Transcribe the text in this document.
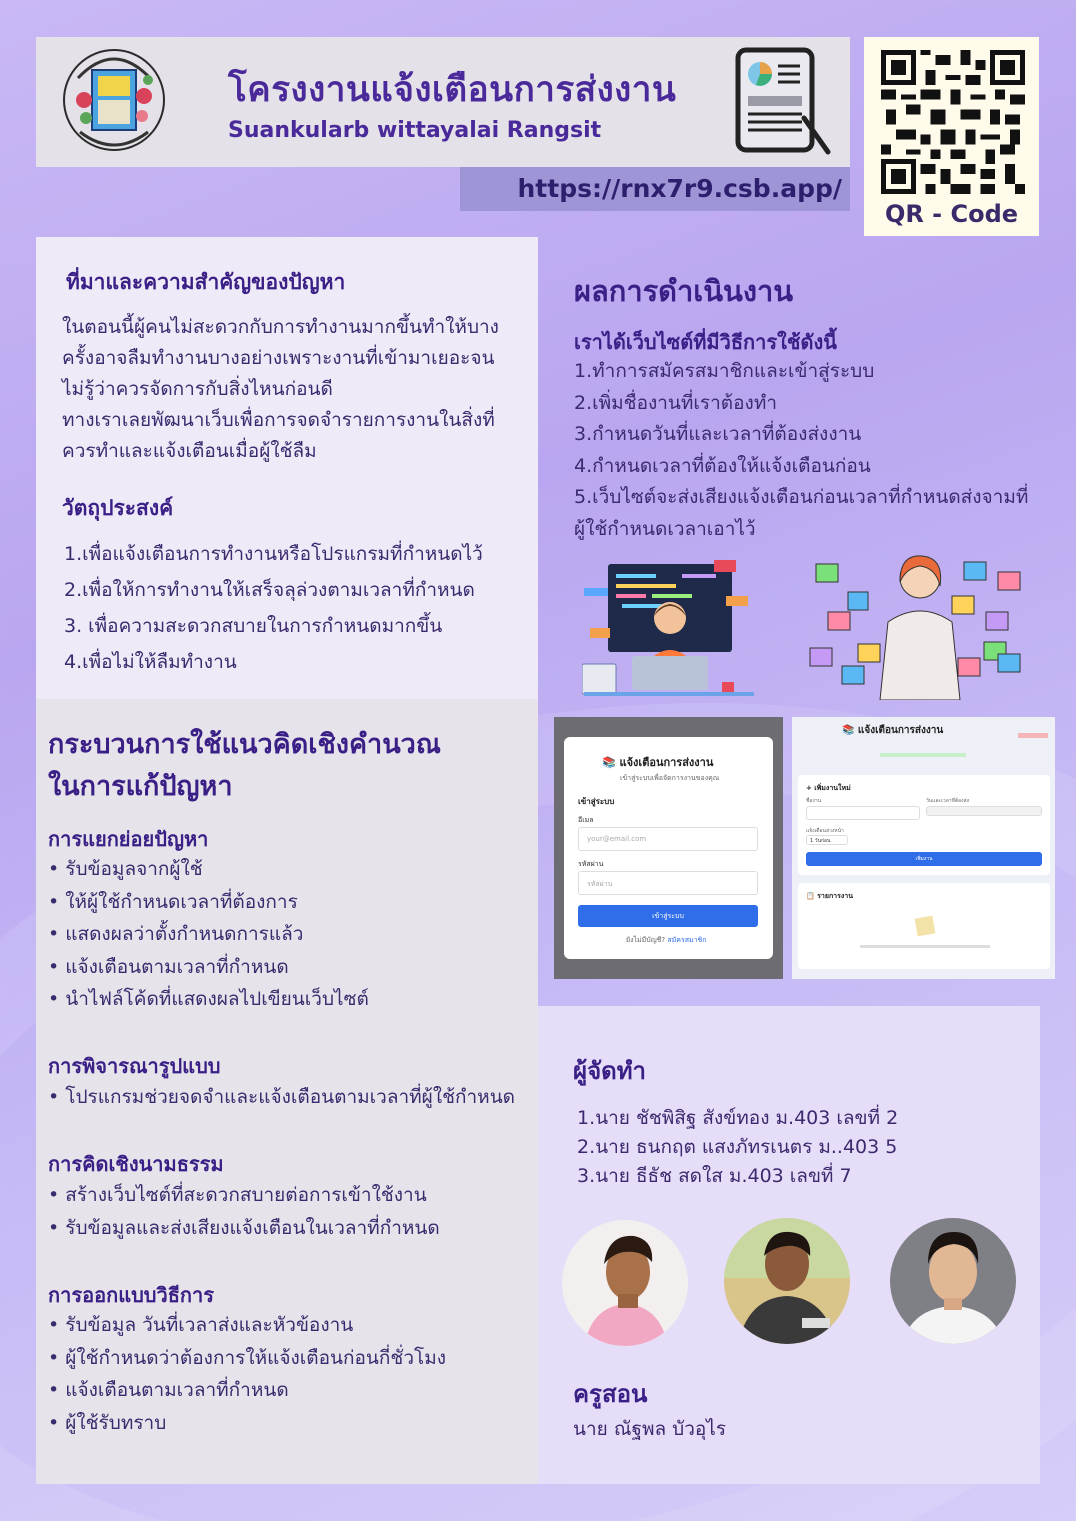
โครงงานแจ้งเตือนการส่งงาน
Suankularb wittayalai Rangsit
https://rnx7r9.csb.app/
QR - Code
ที่มาและความสำคัญของปัญหา
ในตอนนี้ผู้คนไม่สะดวกกับการทำงานมากขึ้นทำให้บาง
ครั้งอาจลืมทำงานบางอย่างเพราะงานที่เข้ามาเยอะจน
ไม่รู้ว่าควรจัดการกับสิ่งไหนก่อนดี
ทางเราเลยพัฒนาเว็บเพื่อการจดจำรายการงานในสิ่งที่
ควรทำและแจ้งเตือนเมื่อผู้ใช้ลืม
วัตถุประสงค์
1.เพื่อแจ้งเตือนการทำงานหรือโปรแกรมที่กำหนดไว้
2.เพื่อให้การทำงานให้เสร็จลุล่วงตามเวลาที่กำหนด
3. เพื่อความสะดวกสบายในการกำหนดมากขึ้น
4.เพื่อไม่ให้ลืมทำงาน
ผลการดำเนินงาน
เราได้เว็บไซต์ที่มีวิธีการใช้ดังนี้
1.ทำการสมัครสมาชิกและเข้าสู่ระบบ
2.เพิ่มชื่องานที่เราต้องทำ
3.กำหนดวันที่และเวลาที่ต้องส่งงาน
4.กำหนดเวลาที่ต้องให้แจ้งเตือนก่อน
5.เว็บไซต์จะส่งเสียงแจ้งเตือนก่อนเวลาที่กำหนดส่งจามที่
ผู้ใช้กำหนดเวลาเอาไว้
กระบวนการใช้แนวคิดเชิงคำนวณ
ในการแก้ปัญหา
การแยกย่อยปัญหา
• รับข้อมูลจากผู้ใช้
• ให้ผู้ใช้กำหนดเวลาที่ต้องการ
• แสดงผลว่าตั้งกำหนดการแล้ว
• แจ้งเตือนตามเวลาที่กำหนด
• นำไฟล์โค้ดที่แสดงผลไปเขียนเว็บไซต์
การพิจารณารูปแบบ
• โปรแกรมช่วยจดจำและแจ้งเตือนตามเวลาที่ผู้ใช้กำหนด
การคิดเชิงนามธรรม
• สร้างเว็บไซต์ที่สะดวกสบายต่อการเข้าใช้งาน
• รับข้อมูลและส่งเสียงแจ้งเตือนในเวลาที่กำหนด
การออกแบบวิธีการ
• รับข้อมูล วันที่เวลาส่งและหัวข้องาน
• ผู้ใช้กำหนดว่าต้องการให้แจ้งเตือนก่อนกี่ชั่วโมง
• แจ้งเตือนตามเวลาที่กำหนด
• ผู้ใช้รับทราบ
📚 แจ้งเตือนการส่งงาน
เข้าสู่ระบบเพื่อจัดการงานของคุณ
เข้าสู่ระบบ
อีเมล
your@email.com
รหัสผ่าน
รหัสผ่าน
เข้าสู่ระบบ
ยังไม่มีบัญชี? สมัครสมาชิก
📚 แจ้งเตือนการส่งงาน
+ เพิ่มงานใหม่
ชื่องาน	วันและเวลาที่ต้องส่ง
แจ้งเตือนล่วงหน้า
1 วันก่อน
เพิ่มงาน
📋 รายการงาน
ผู้จัดทำ
1.นาย ชัชพิสิฐ สังข์ทอง ม.403 เลขที่ 2
2.นาย ธนกฤต แสงภัทรเนตร ม..403 5
3.นาย ธีธัช สดใส ม.403 เลขที่ 7
ครูสอน
นาย ณัฐพล บัวอุไร
